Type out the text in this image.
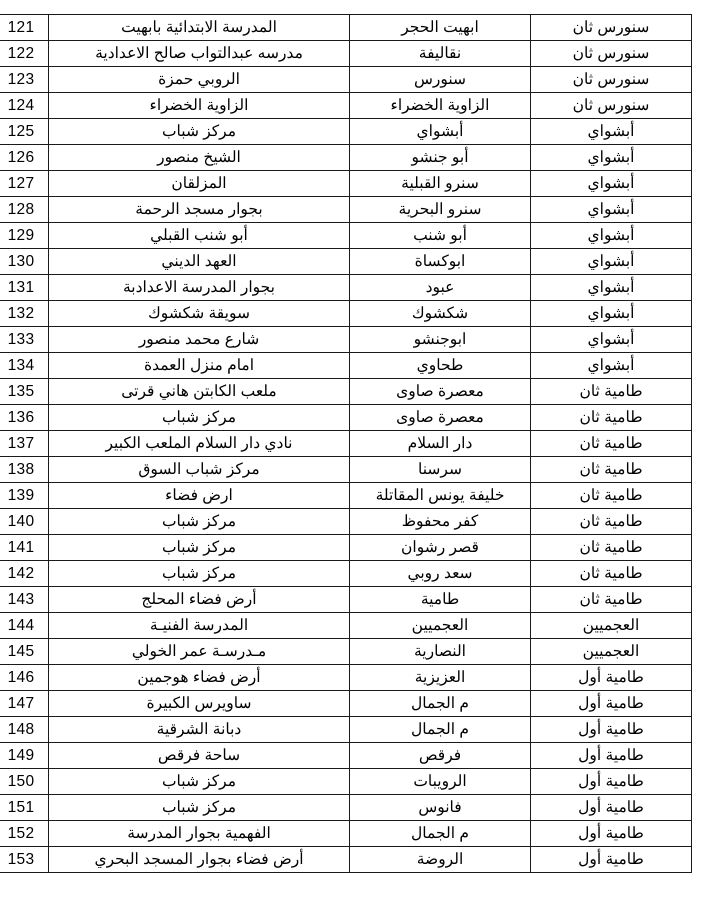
سنورس ثان	ابهيت الحجر	المدرسة الابتدائية بابهيت	121
سنورس ثان	نقاليفة	مدرسه عبدالتواب صالح الاعدادية	122
سنورس ثان	سنورس	الروبي حمزة	123
سنورس ثان	الزاوية الخضراء	الزاوية الخضراء	124
أبشواي	أبشواي	مركز شباب	125
أبشواي	أبو جنشو	الشيخ منصور	126
أبشواي	سنرو القبلية	المزلقان	127
أبشواي	سنرو البحرية	بجوار مسجد الرحمة	128
أبشواي	أبو شنب	أبو شنب القبلي	129
أبشواي	ابوكساة	العهد الديني	130
أبشواي	عبود	بجوار المدرسة الاعدادبة	131
أبشواي	شكشوك	سويقة شكشوك	132
أبشواي	ابوجنشو	شارع محمد منصور	133
أبشواي	طحاوي	امام منزل العمدة	134
طامية ثان	معصرة صاوى	ملعب الكابتن هاني قرتى	135
طامية ثان	معصرة صاوى	مركز شباب	136
طامية ثان	دار السلام	نادي دار السلام الملعب الكبير	137
طامية ثان	سرسنا	مركز شباب السوق	138
طامية ثان	خليفة يونس المقاتلة	ارض فضاء	139
طامية ثان	كفر محفوظ	مركز شباب	140
طامية ثان	قصر رشوان	مركز شباب	141
طامية ثان	سعد روبي	مركز شباب	142
طامية ثان	طامية	أرض فضاء المحلج	143
العجميين	العجميين	المدرسة الفنيـة	144
العجميين	النصارية	مـدرسـة عمر الخولي	145
طامية أول	العزيزية	أرض فضاء هوجمين	146
طامية أول	م الجمال	ساويرس الكبيرة	147
طامية أول	م الجمال	دبانة الشرقية	148
طامية أول	فرقص	ساحة فرقص	149
طامية أول	الرويبات	مركز شباب	150
طامية أول	فانوس	مركز شباب	151
طامية أول	م الجمال	الفهمية بجوار المدرسة	152
طامية أول	الروضة	أرض فضاء بجوار المسجد البحري	153
